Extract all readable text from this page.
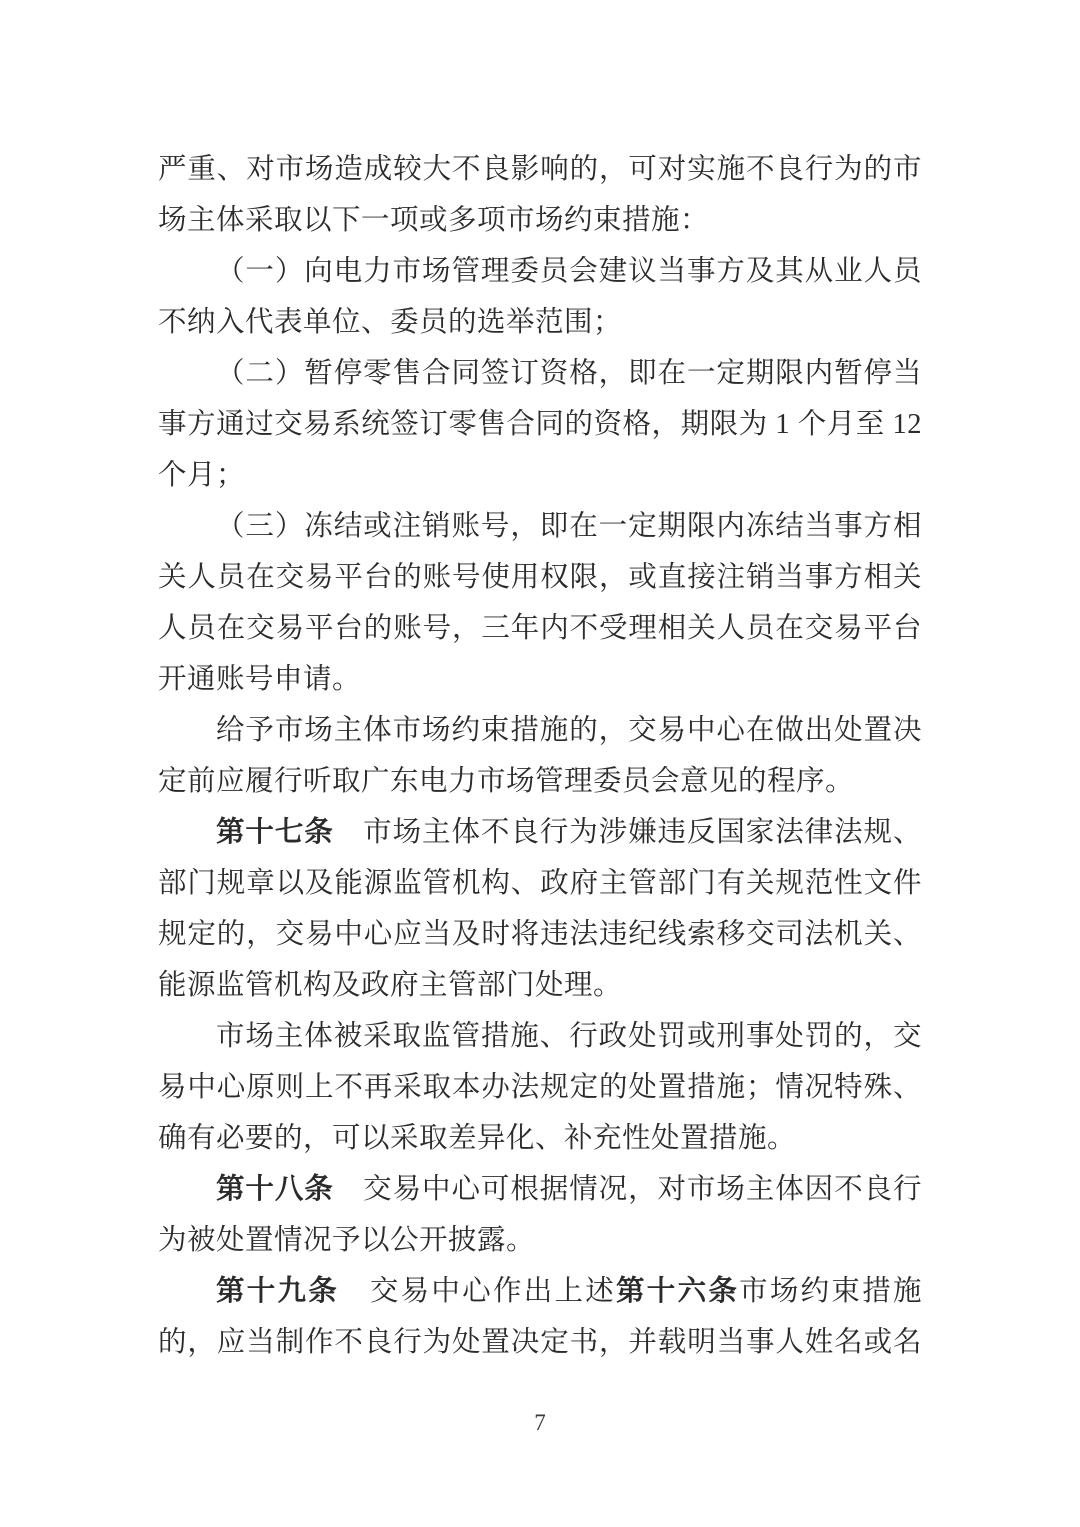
严重、对市场造成较大不良影响的，可对实施不良行为的市
场主体采取以下一项或多项市场约束措施：
（一）向电力市场管理委员会建议当事方及其从业人员
不纳入代表单位、委员的选举范围；
（二）暂停零售合同签订资格，即在一定期限内暂停当
事方通过交易系统签订零售合同的资格，期限为 1 个月至 12
个月；
（三）冻结或注销账号，即在一定期限内冻结当事方相
关人员在交易平台的账号使用权限，或直接注销当事方相关
人员在交易平台的账号，三年内不受理相关人员在交易平台
开通账号申请。
给予市场主体市场约束措施的，交易中心在做出处置决
定前应履行听取广东电力市场管理委员会意见的程序。
第十七条　市场主体不良行为涉嫌违反国家法律法规、
部门规章以及能源监管机构、政府主管部门有关规范性文件
规定的，交易中心应当及时将违法违纪线索移交司法机关、
能源监管机构及政府主管部门处理。
市场主体被采取监管措施、行政处罚或刑事处罚的，交
易中心原则上不再采取本办法规定的处置措施；情况特殊、
确有必要的，可以采取差异化、补充性处置措施。
第十八条　交易中心可根据情况，对市场主体因不良行
为被处置情况予以公开披露。
第十九条　交易中心作出上述第十六条市场约束措施
的，应当制作不良行为处置决定书，并载明当事人姓名或名
7
